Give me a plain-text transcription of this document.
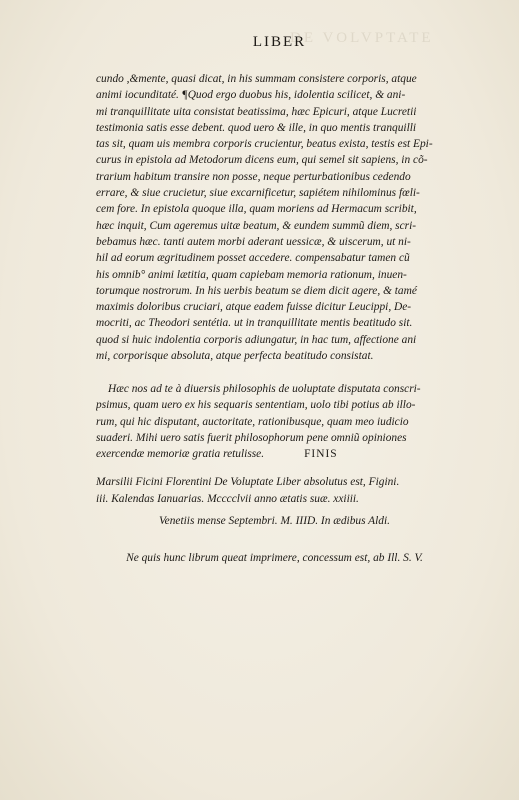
DE VOLVPTATE
LIBER
cundo ,&mente, quasi dicat, in his summam consistere corporis, atque
animi iocunditaté. ¶Quod ergo duobus his, idolentia scilicet, & ani-
mi tranquillitate uita consistat beatissima, hæc Epicuri, atque Lucretii
testimonia satis esse debent. quod uero & ille, in quo mentis tranquilli
tas sit, quam uis membra corporis crucientur, beatus exista, testis est Epi-
curus in epistola ad Metodorum dicens eum, qui semel sit sapiens, in cõ-
trarium habitum transire non posse, neque perturbationibus cedendo
errare, & siue crucietur, siue excarnificetur, sapiétem nihilominus fœli-
cem fore. In epistola quoque illa, quam moriens ad Hermacum scribit,
hæc inquit, Cum ageremus uitæ beatum, & eundem summũ diem, scri-
bebamus hæc. tanti autem morbi aderant uessicæ, & uiscerum, ut ni-
hil ad eorum ægritudinem posset accedere. compensabatur tamen cũ
his omnib° animi lætitia, quam capiebam memoria rationum, inuen-
torumque nostrorum. In his uerbis beatum se diem dicit agere, & tamé
maximis doloribus cruciari, atque eadem fuisse dicitur Leucippi, De-
mocriti, ac Theodori sentétia. ut in tranquillitate mentis beatitudo sit.
quod si huic indolentia corporis adiungatur, in hac tum, affectione ani
mi, corporisque absoluta, atque perfecta beatitudo consistat.
Hæc nos ad te à diuersis philosophis de uoluptate disputata conscri-
psimus, quam uero ex his sequaris sententiam, uolo tibi potius ab illo-
rum, qui hic disputant, auctoritate, rationibusque, quam meo iudicio
suaderi. Mihi uero satis fuerit philosophorum pene omniũ opiniones
exercendæ memoriæ gratia retulisse.	FINIS
Marsilii Ficini Florentini De Voluptate Liber absolutus est, Figini.
iii. Kalendas Ianuarias. Mcccclvii anno ætatis suæ. xxiiii.
Venetiis mense Septembri. M. IIID. In ædibus Aldi.
Ne quis hunc librum queat imprimere, concessum est, ab Ill. S. V.
